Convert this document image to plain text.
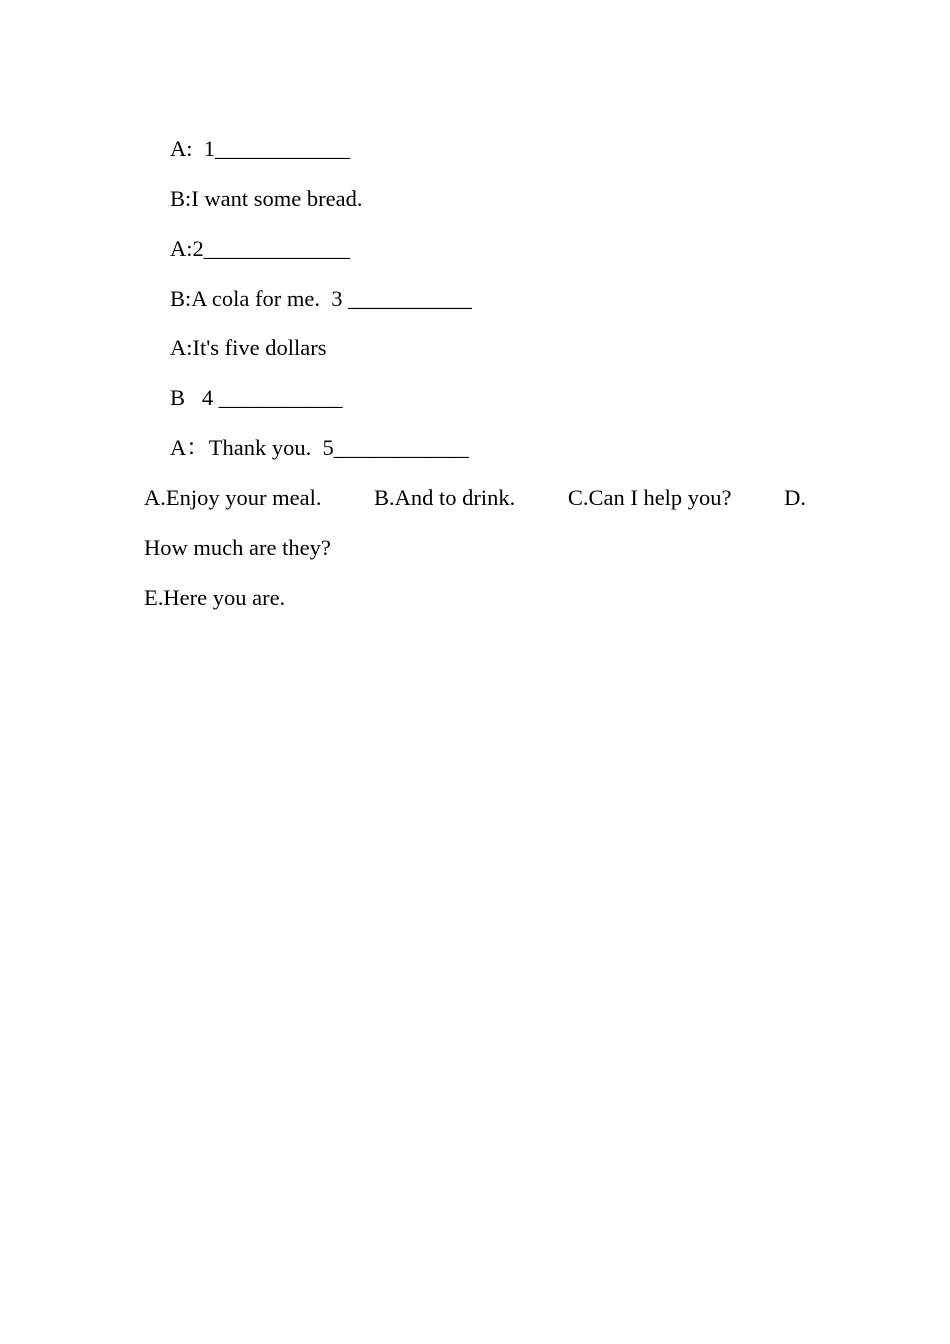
A:  1____________
B:I want some bread.
A:2_____________
B:A cola for me.  3 ___________
A:It's five dollars
B   4 ___________
A：Thank you.  5____________
A.Enjoy your meal. B.And to drink. C.Can I help you? D.
How much are they?
E.Here you are.
